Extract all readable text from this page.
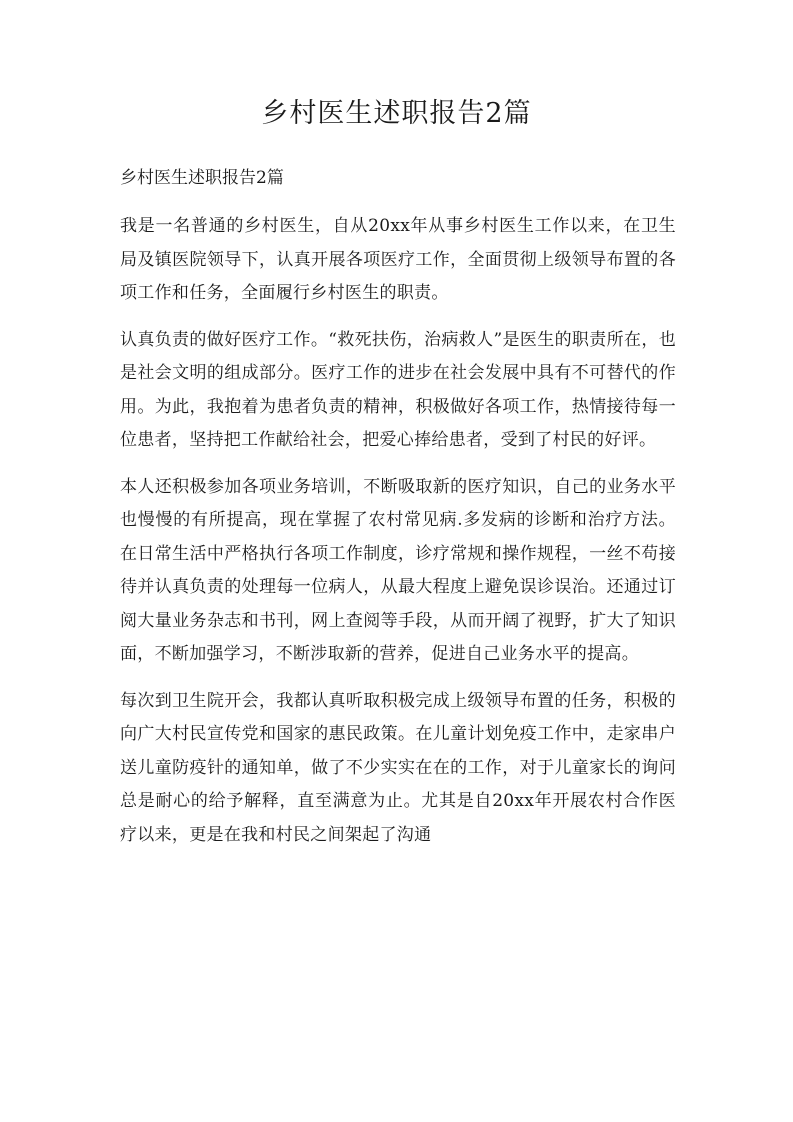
乡村医生述职报告2篇

乡村医生述职报告2篇

我是一名普通的乡村医生，自从20xx年从事乡村医生工作以来，在卫生局及镇医院领导下，认真开展各项医疗工作，全面贯彻上级领导布置的各项工作和任务，全面履行乡村医生的职责。

认真负责的做好医疗工作。“救死扶伤，治病救人”是医生的职责所在，也是社会文明的组成部分。医疗工作的进步在社会发展中具有不可替代的作用。为此，我抱着为患者负责的精神，积极做好各项工作，热情接待每一位患者，坚持把工作献给社会，把爱心捧给患者，受到了村民的好评。

本人还积极参加各项业务培训，不断吸取新的医疗知识，自己的业务水平也慢慢的有所提高，现在掌握了农村常见病.多发病的诊断和治疗方法。在日常生活中严格执行各项工作制度，诊疗常规和操作规程，一丝不苟接待并认真负责的处理每一位病人，从最大程度上避免误诊误治。还通过订阅大量业务杂志和书刊，网上查阅等手段，从而开阔了视野，扩大了知识面，不断加强学习，不断涉取新的营养，促进自己业务水平的提高。

每次到卫生院开会，我都认真听取积极完成上级领导布置的任务，积极的向广大村民宣传党和国家的惠民政策。在儿童计划免疫工作中，走家串户送儿童防疫针的通知单，做了不少实实在在的工作，对于儿童家长的询问总是耐心的给予解释，直至满意为止。尤其是自20xx年开展农村合作医疗以来，更是在我和村民之间架起了沟通
